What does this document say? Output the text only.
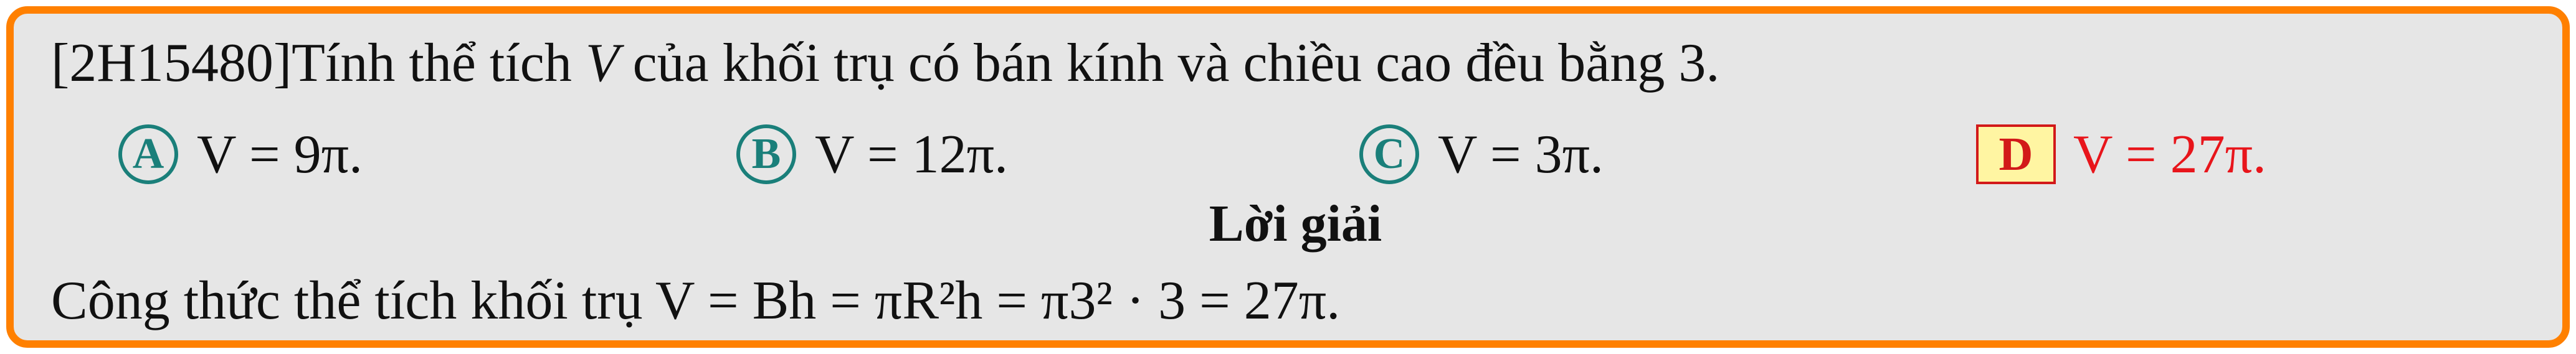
[2H15480]Tính thể tích V của khối trụ có bán kính và chiều cao đều bằng 3.
A V = 9π.	B V = 12π.	C V = 3π.	D V = 27π.
Lời giải
Công thức thể tích khối trụ V = Bh = πR²h = π3² · 3 = 27π.
